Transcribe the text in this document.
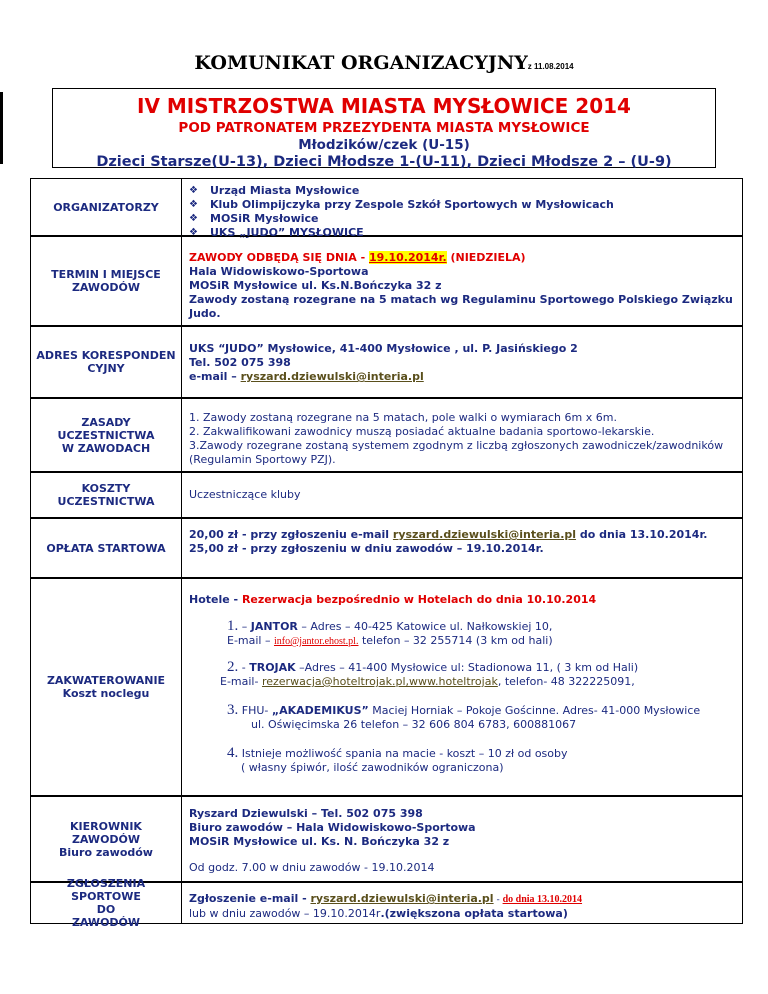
KOMUNIKAT ORGANIZACYJNYz 11.08.2014
IV MISTRZOSTWA MIASTA MYSŁOWICE 2014
POD PATRONATEM PRZEZYDENTA MIASTA MYSŁOWICE
Młodzików/czek (U-15)
Dzieci Starsze(U-13), Dzieci Młodsze 1-(U-11), Dzieci Młodsze 2 – (U-9)
ORGANIZATORZY
❖ Urząd Miasta Mysłowice
❖ Klub Olimpijczyka przy Zespole Szkół Sportowych w Mysłowicach
❖ MOSiR Mysłowice
❖ UKS „JUDO” MYSŁOWICE
TERMIN I MIEJSCE ZAWODÓW
ZAWODY ODBĘDĄ SIĘ DNIA - 19.10.2014r. (NIEDZIELA)
Hala Widowiskowo-Sportowa
MOSiR Mysłowice ul. Ks.N.Bończyka 32 z
Zawody zostaną rozegrane na 5 matach wg Regulaminu Sportowego Polskiego Związku Judo.
ADRES KORESPONDENCYJNY
UKS “JUDO” Mysłowice, 41-400 Mysłowice , ul. P. Jasińskiego 2
Tel. 502 075 398
e-mail – ryszard.dziewulski@interia.pl
ZASADY UCZESTNICTWA W ZAWODACH
1. Zawody zostaną rozegrane na 5 matach, pole walki o wymiarach 6m x 6m.
2. Zakwalifikowani zawodnicy muszą posiadać aktualne badania sportowo-lekarskie.
3.Zawody rozegrane zostaną systemem zgodnym z liczbą zgłoszonych zawodniczek/zawodników (Regulamin Sportowy PZJ).
KOSZTY UCZESTNICTWA
Uczestniczące kluby
OPŁATA STARTOWA
20,00 zł - przy zgłoszeniu e-mail ryszard.dziewulski@interia.pl do dnia 13.10.2014r.
25,00 zł - przy zgłoszeniu w dniu zawodów – 19.10.2014r.
ZAKWATEROWANIE
Koszt noclegu
Hotele - Rezerwacja bezpośrednio w Hotelach do dnia 10.10.2014
1. – JANTOR – Adres – 40-425 Katowice ul. Nałkowskiej 10,
E-mail – info@jantor.ehost.pl. telefon – 32 255714 (3 km od hali)
2. - TROJAK –Adres – 41-400 Mysłowice ul: Stadionowa 11, ( 3 km od Hali)
E-mail- rezerwacja@hoteltrojak.pl,www.hoteltrojak, telefon- 48 322225091,
3. FHU- „AKADEMIKUS” Maciej Horniak – Pokoje Gościnne. Adres- 41-000 Mysłowice
ul. Oświęcimska 26 telefon – 32 606 804 6783, 600881067
4. Istnieje możliwość spania na macie - koszt – 10 zł od osoby
( własny śpiwór, ilość zawodników ograniczona)
KIEROWNIK ZAWODÓW
Biuro zawodów
Ryszard Dziewulski – Tel. 502 075 398
Biuro zawodów – Hala Widowiskowo-Sportowa
MOSiR Mysłowice ul. Ks. N. Bończyka 32 z
Od godz. 7.00 w dniu zawodów - 19.10.2014
ZGŁOSZENIA SPORTOWE DO ZAWODÓW
Zgłoszenie e-mail - ryszard.dziewulski@interia.pl - do dnia 13.10.2014
lub w dniu zawodów – 19.10.2014r.(zwiększona opłata startowa)
